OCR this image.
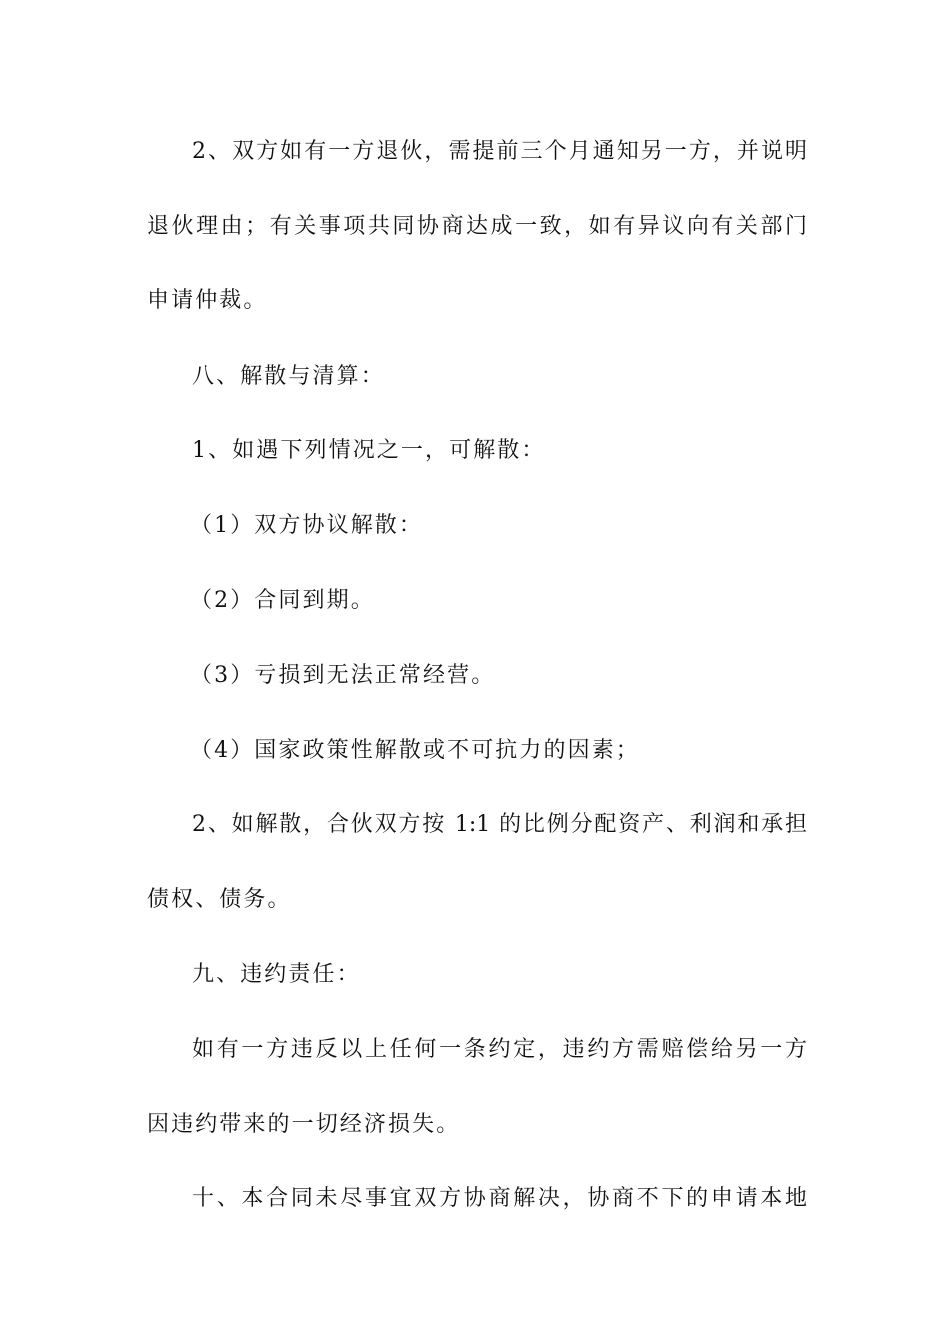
2、双方如有一方退伙，需提前三个月通知另一方，并说明
退伙理由；有关事项共同协商达成一致，如有异议向有关部门
申请仲裁。
八、解散与清算：
1、如遇下列情况之一，可解散：
（1）双方协议解散：
（2）合同到期。
（3）亏损到无法正常经营。
（4）国家政策性解散或不可抗力的因素；
2、如解散，合伙双方按 1:1 的比例分配资产、利润和承担
债权、债务。
九、违约责任：
如有一方违反以上任何一条约定，违约方需赔偿给另一方
因违约带来的一切经济损失。
十、本合同未尽事宜双方协商解决，协商不下的申请本地
